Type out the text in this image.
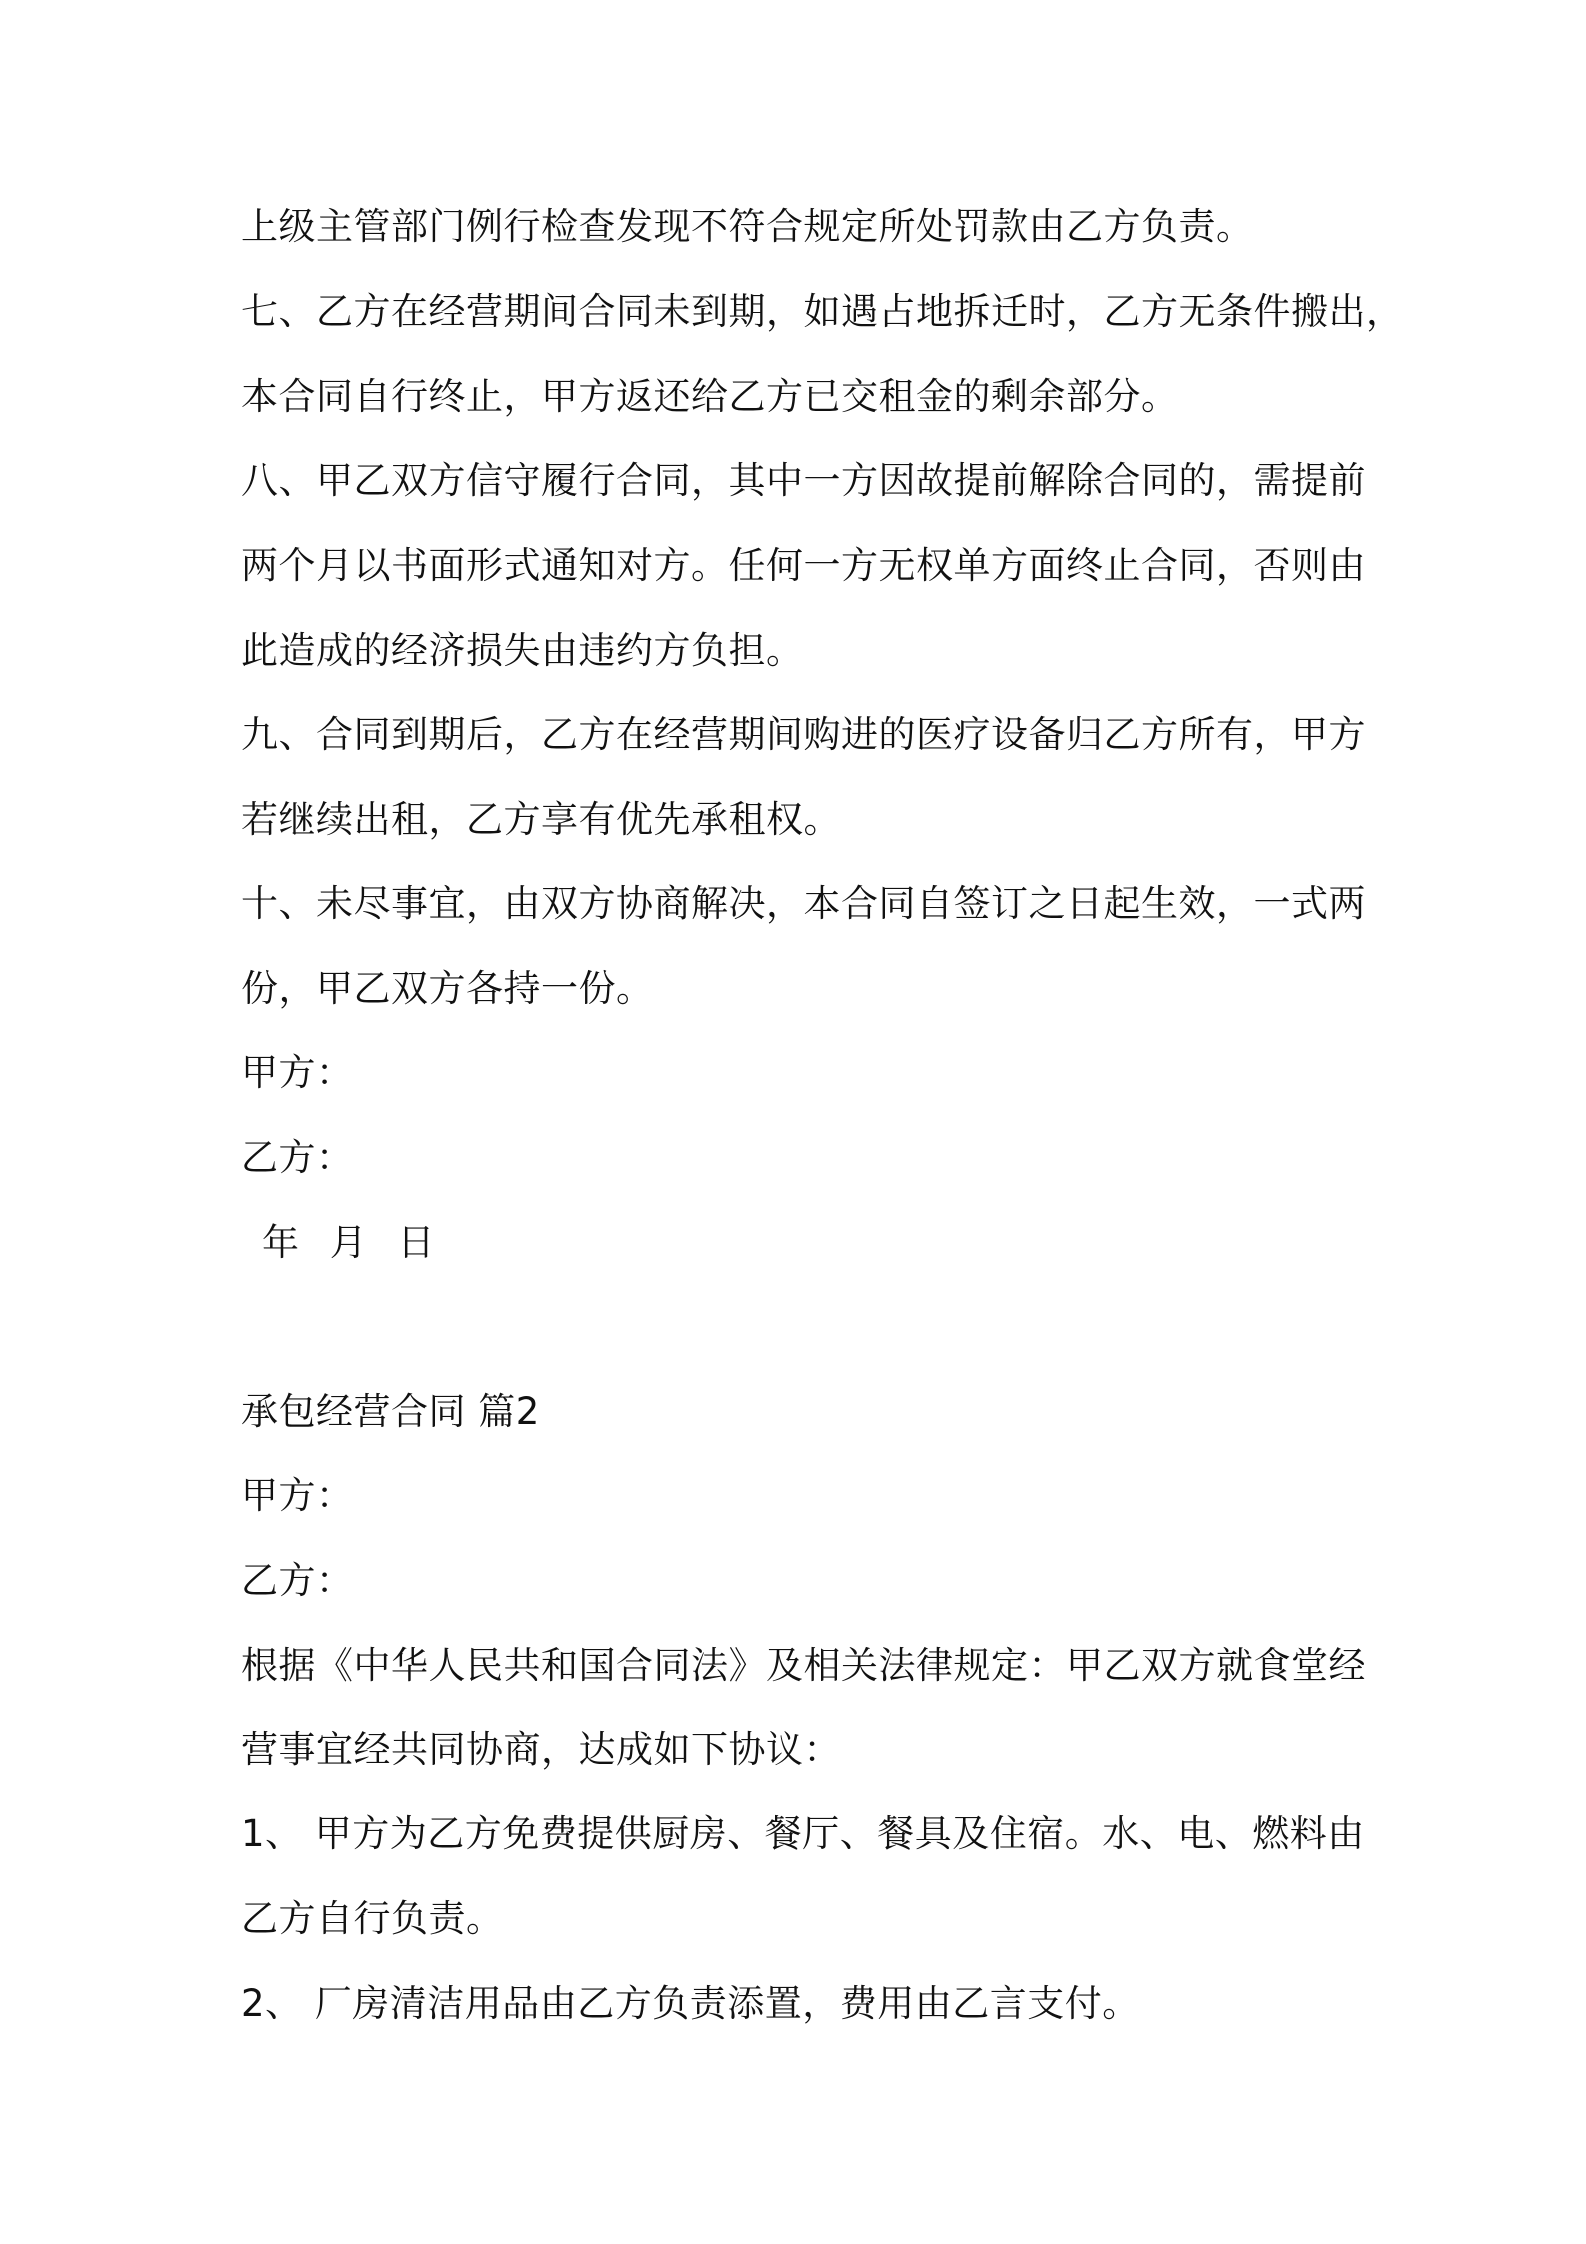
上级主管部门例行检查发现不符合规定所处罚款由乙方负责。
七、乙方在经营期间合同未到期，如遇占地拆迁时，乙方无条件搬出，
本合同自行终止，甲方返还给乙方已交租金的剩余部分。
八、甲乙双方信守履行合同，其中一方因故提前解除合同的，需提前
两个月以书面形式通知对方。任何一方无权单方面终止合同，否则由
此造成的经济损失由违约方负担。
九、合同到期后，乙方在经营期间购进的医疗设备归乙方所有，甲方
若继续出租，乙方享有优先承租权。
十、未尽事宜，由双方协商解决，本合同自签订之日起生效，一式两
份，甲乙双方各持一份。
甲方：
乙方：
年 月 日
承包经营合同 篇2
甲方：
乙方：
根据《中华人民共和国合同法》及相关法律规定：甲乙双方就食堂经
营事宜经共同协商，达成如下协议：
1、 甲方为乙方免费提供厨房、餐厅、餐具及住宿。水、电、燃料由
乙方自行负责。
2、 厂房清洁用品由乙方负责添置，费用由乙言支付。
